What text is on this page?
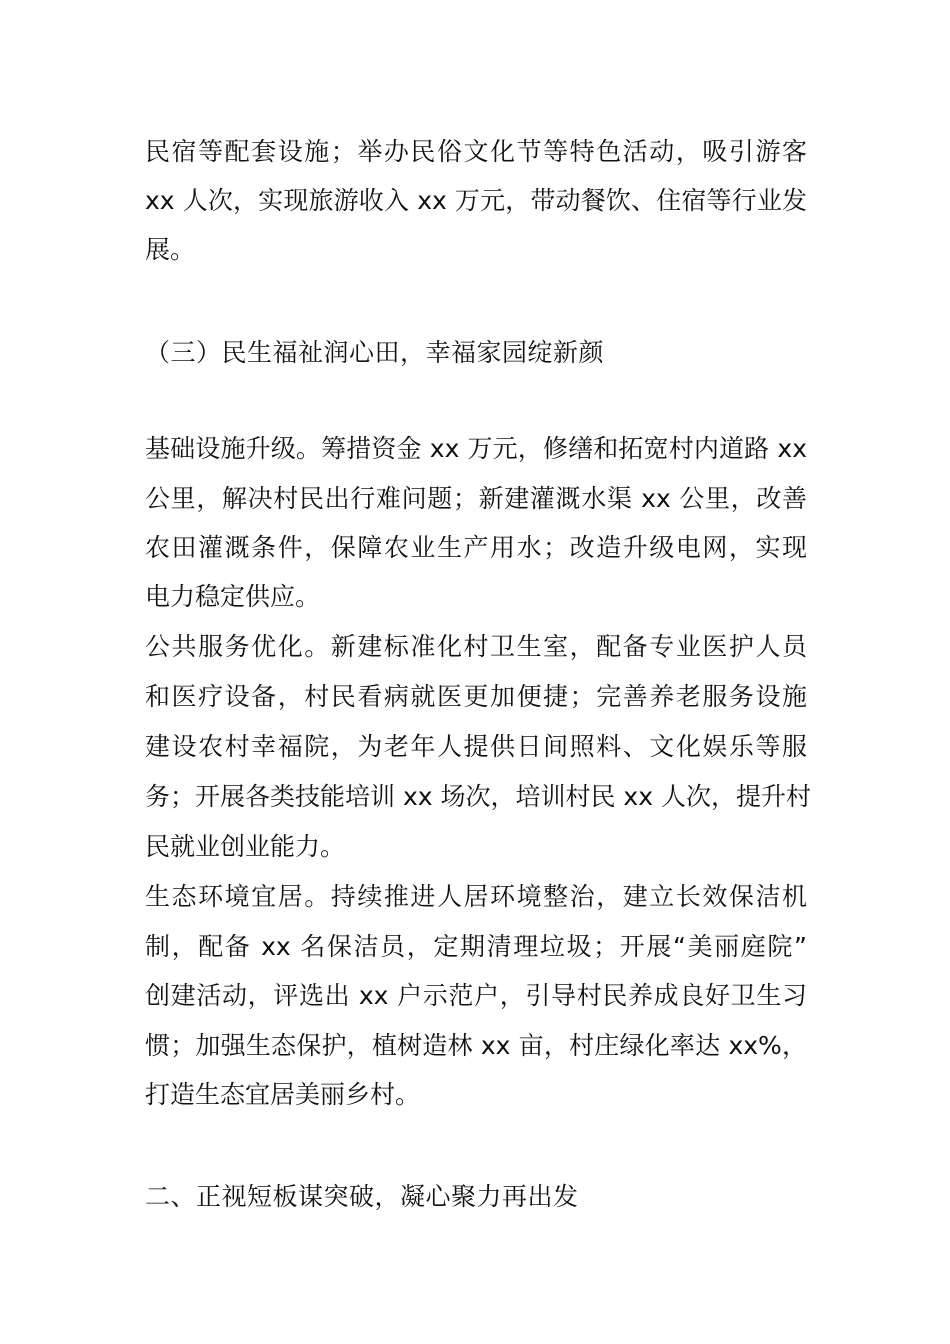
民宿等配套设施；举办民俗文化节等特色活动，吸引游客
xx 人次，实现旅游收入 xx 万元，带动餐饮、住宿等行业发
展。
（三）民生福祉润心田，幸福家园绽新颜
基础设施升级。筹措资金 xx 万元，修缮和拓宽村内道路 xx
公里，解决村民出行难问题；新建灌溉水渠 xx 公里，改善
农田灌溉条件，保障农业生产用水；改造升级电网，实现
电力稳定供应。
公共服务优化。新建标准化村卫生室，配备专业医护人员
和医疗设备，村民看病就医更加便捷；完善养老服务设施
建设农村幸福院，为老年人提供日间照料、文化娱乐等服
务；开展各类技能培训 xx 场次，培训村民 xx 人次，提升村
民就业创业能力。
生态环境宜居。持续推进人居环境整治，建立长效保洁机
制，配备 xx 名保洁员，定期清理垃圾；开展“美丽庭院”
创建活动，评选出 xx 户示范户，引导村民养成良好卫生习
惯；加强生态保护，植树造林 xx 亩，村庄绿化率达 xx%，
打造生态宜居美丽乡村。
二、正视短板谋突破，凝心聚力再出发
